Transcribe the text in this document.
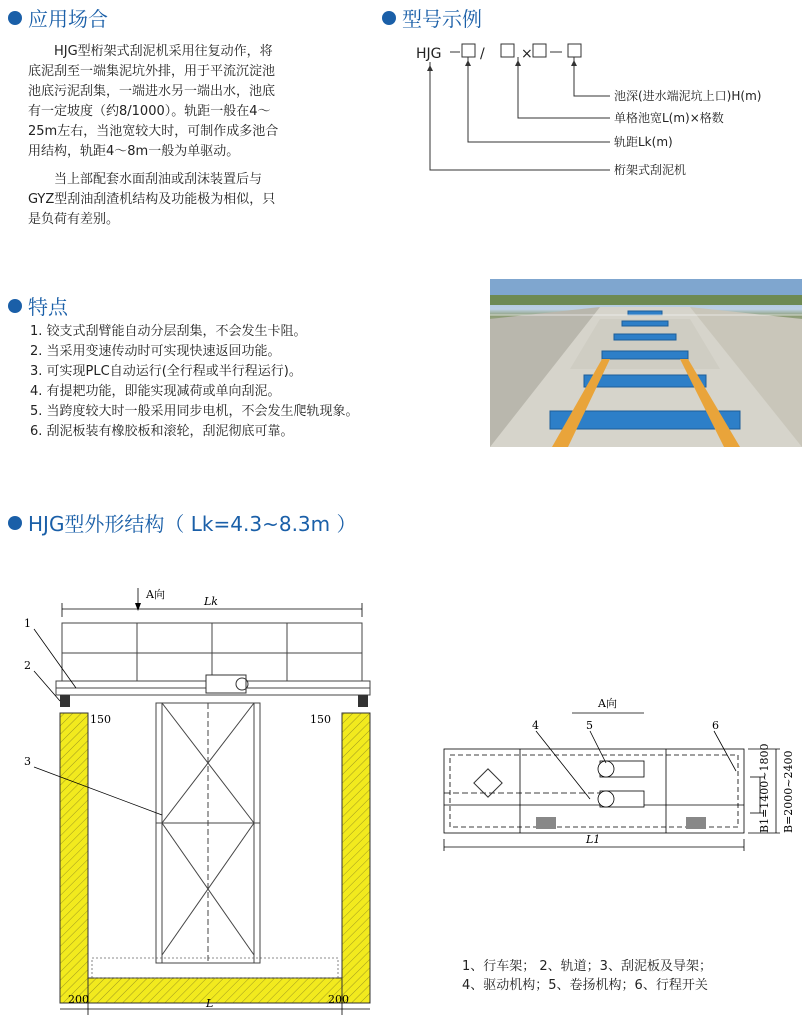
应用场合

HJG型桁架式刮泥机采用往复动作，将
底泥刮至一端集泥坑外排，用于平流沉淀池
池底污泥刮集，一端进水另一端出水，池底
有一定坡度（约8/1000）。轨距一般在4～
25m左右，当池宽较大时，可制作成多池合
用结构，轨距4～8m一般为单驱动。

当上部配套水面刮油或刮沫装置后与
GYZ型刮油刮渣机结构及功能极为相似，只
是负荷有差别。

型号示例
HJG	/	×
池深(进水端泥坑上口)H(m)
单格池宽L(m)×格数
轨距Lk(m)
桁架式刮泥机
特点
1. 铰支式刮臂能自动分层刮集，不会发生卡阻。
2. 当采用变速传动时可实现快速返回功能。
3. 可实现PLC自动运行(全行程或半行程运行)。
4. 有提耙功能，即能实现减荷或单向刮泥。
5. 当跨度较大时一般采用同步电机，不会发生爬轨现象。
6. 刮泥板装有橡胶板和滚轮，刮泥彻底可靠。
HJG型外形结构（ Lk=4.3~8.3m ）
A向
Lk
150	150
200	200
L
1
2
3
A向
4	5	6
L1
B1=1400~1800 B=2000~2400
1、行车架； 2、轨道；3、刮泥板及导架；
4、驱动机构；5、卷扬机构；6、行程开关
